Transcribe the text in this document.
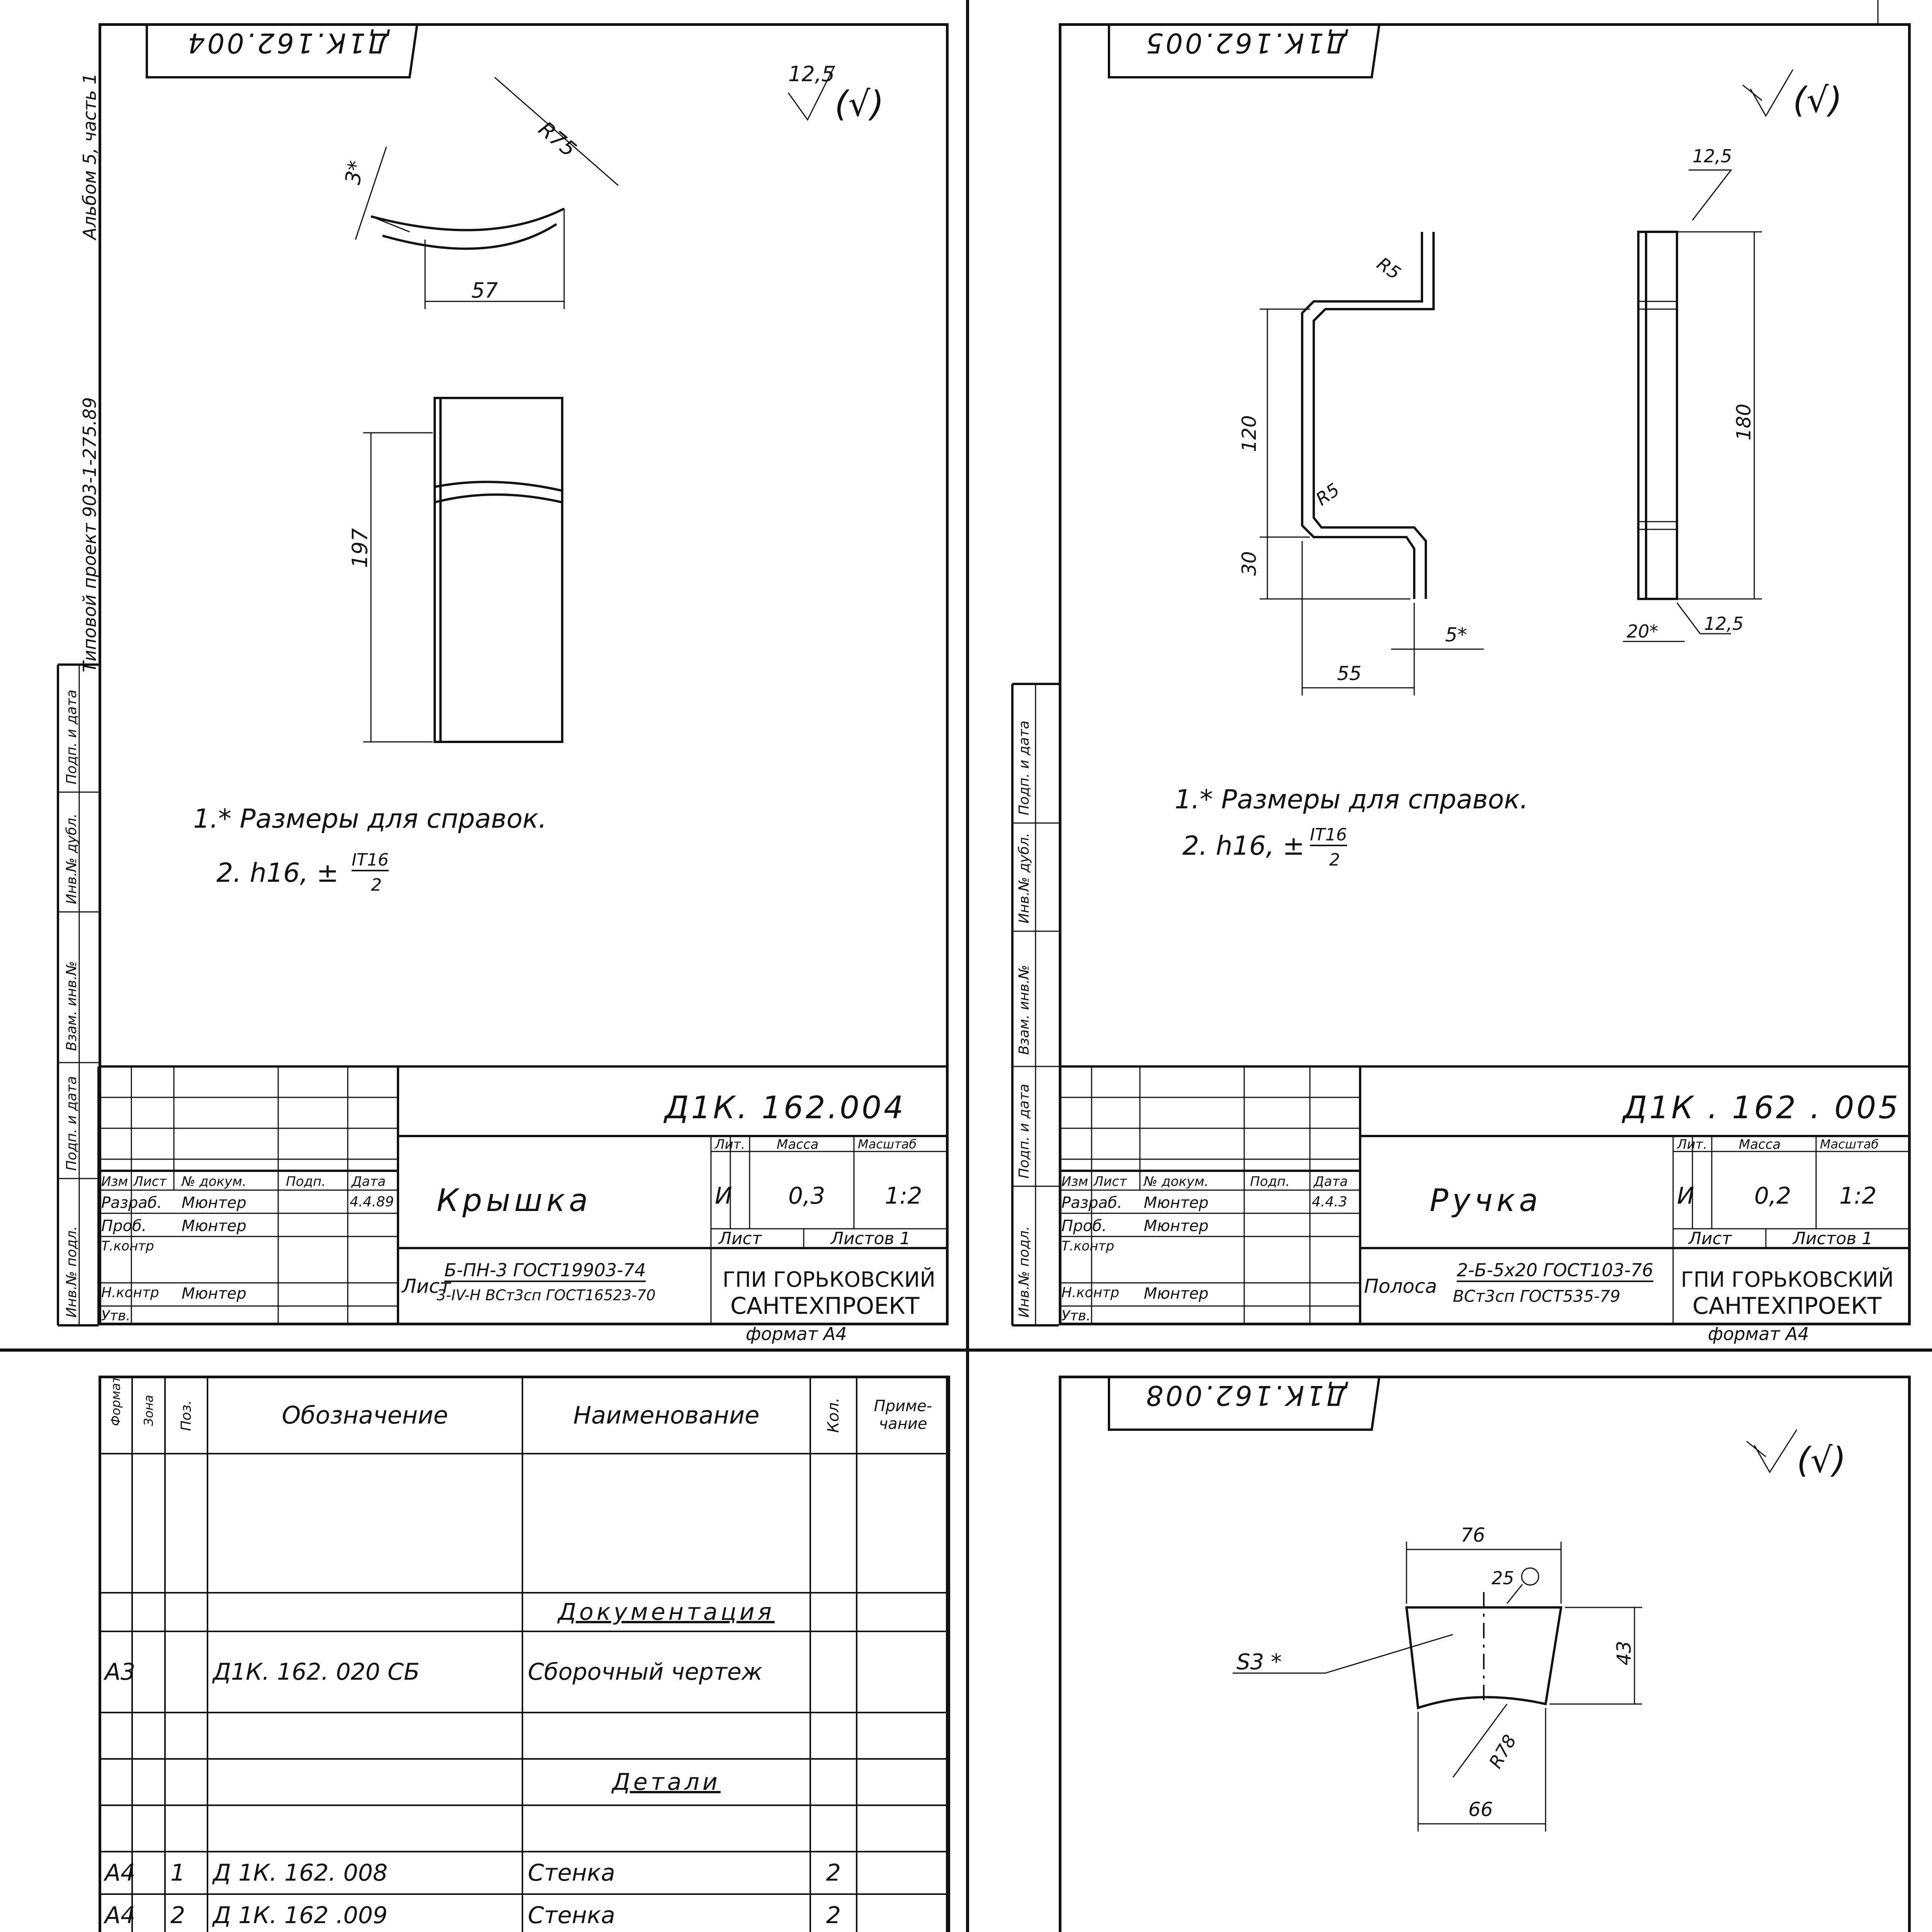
Д1К.162.004
Альбом 5, часть 1
Типовой проект 903-1-275.89
12,5
(√)
57
R75
3*
197
1.* Размеры для справок.
2. h16, ± IT16
2
Инв.№ подл.
Подп. и дата
Взам. инв.№
Инв.№ дубл.
Подп. и дата
Изм Лист № докум.	Подп. Дата
Разраб. Мюнтер	4.4.89
Проб. Мюнтер
Т.контр
Н.контр Мюнтер
Утв.
Д1К. 162.004
Крышка
Лит. Масса	Масштаб
И 0,3	1:2
Лист	Листов 1
Лист
Б-ПН-3 ГОСТ19903-74
3-IV-Н ВСт3сп ГОСТ16523-70
ГПИ ГОРЬКОВСКИЙ
САНТЕХПРОЕКТ
формат А4
Д1К.162.005
(√)
120
30
55
5*
R5
R5
180
12,5
12,5
20*
1.* Размеры для справок.
2. h16, ± IT16
2
Инв.№ подл.
Подп. и дата
Взам. инв.№
Инв.№ дубл.
Подп. и дата
Изм Лист № докум.	Подп. Дата
Разраб. Мюнтер	4.4.3
Проб. Мюнтер
Т.контр
Н.контр Мюнтер
Утв.
Д1К . 162 . 005
Ручка
Лит. Масса	Масштаб
И	0,2 1:2
Лист	Листов 1
Полоса
2-Б-5х20 ГОСТ103-76
ВСт3сп ГОСТ535-79
ГПИ ГОРЬКОВСКИЙ
САНТЕХПРОЕКТ
формат А4
Формат	Зона	Поз.	Обозначение	Наименование	Кол.	Приме-чание

				Документация		
А3			Д1К. 162. 020 СБ	Сборочный чертеж		

				Детали		

А4		1	Д 1К. 162. 008	Стенка	2	
А4		2	Д 1К. 162 .009	Стенка	2	

Д1К.162.008
(√)
76
25
43
S3 *
66
R78
